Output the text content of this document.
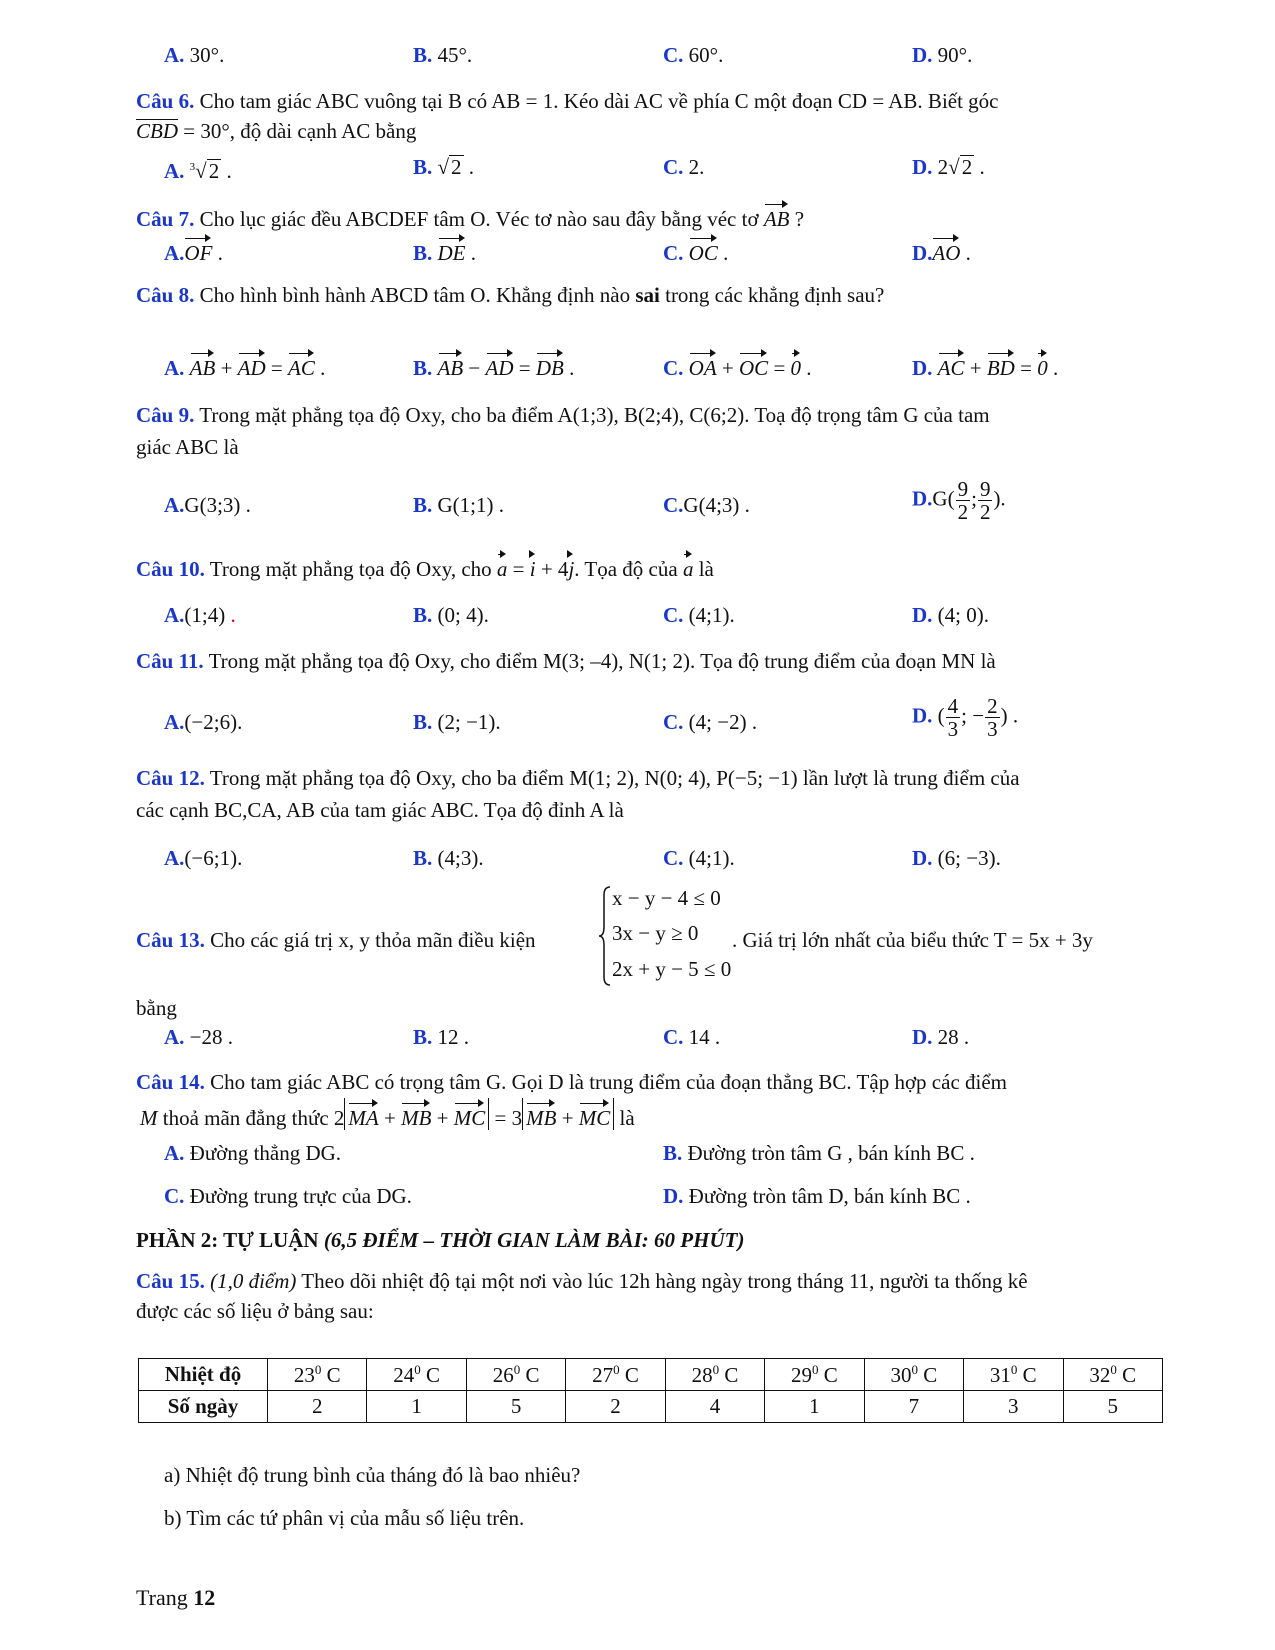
A. 30°.	B. 45°.	C. 60°.	D. 90°.
Câu 6. Cho tam giác ABC vuông tại B có AB = 1. Kéo dài AC về phía C một đoạn CD = AB. Biết góc
CBD = 30°, độ dài cạnh AC bằng
A. $^3$√2 .	B. √2 .	C. 2.	D. 2√2 .
Câu 7. Cho lục giác đều ABCDEF tâm O. Véc tơ nào sau đây bằng véc tơ AB ?
A.OF .	B. DE .	C. OC .	D.AO .
Câu 8. Cho hình bình hành ABCD tâm O. Khẳng định nào sai trong các khẳng định sau?
A. AB + AD = AC .	B. AB − AD = DB .	C. OA + OC = 0 .	D. AC + BD = 0 .
Câu 9. Trong mặt phẳng tọa độ Oxy, cho ba điểm A(1;3), B(2;4), C(6;2). Toạ độ trọng tâm G của tam
giác ABC là
A.G(3;3) .	B. G(1;1) .	C.G(4;3) .	$D.G( \frac{9}{2}$ ; $\frac{9}{2}$ ).
Câu 10. Trong mặt phẳng tọa độ Oxy, cho a = i + 4j. Tọa độ của a là
A.(1;4) .	B. (0; 4).	C. (4;1).	D. (4; 0).
Câu 11. Trong mặt phẳng tọa độ Oxy, cho điểm M(3; –4), N(1; 2). Tọa độ trung điểm của đoạn MN là
A.(−2;6).	B. (2; −1).	C. (4; −2) .	D. ( $\frac{4}{3}$ ; − $\frac{2}{3}$ ) .
Câu 12. Trong mặt phẳng tọa độ Oxy, cho ba điểm M(1; 2), N(0; 4), P(−5; −1) lần lượt là trung điểm của
các cạnh BC,CA, AB của tam giác ABC. Tọa độ đỉnh A là
A.(−6;1).	B. (4;3).	C. (4;1).	D. (6; −3).
Câu 13. Cho các giá trị x, y thỏa mãn điều kiện
x − y − 4 ≤ 0
3x − y ≥ 0
2x + y − 5 ≤ 0
. Giá trị lớn nhất của biểu thức T = 5x + 3y
bằng
A. −28 .	B. 12 .	C. 14 .	D. 28 .
Câu 14. Cho tam giác ABC có trọng tâm G. Gọi D là trung điểm của đoạn thẳng BC. Tập hợp các điểm
M thoả mãn đẳng thức 2 MA + MB + MC = 3 MB + MC là
A. Đường thẳng DG.	B. Đường tròn tâm G , bán kính BC .
C. Đường trung trực của DG.	D. Đường tròn tâm D, bán kính BC .
PHẦN 2: TỰ LUẬN (6,5 ĐIỂM – THỜI GIAN LÀM BÀI: 60 PHÚT)
Câu 15. (1,0 điểm) Theo dõi nhiệt độ tại một nơi vào lúc 12h hàng ngày trong tháng 11, người ta thống kê
được các số liệu ở bảng sau:
Nhiệt độ	$23^0$ C	$24^0$ C	$26^0$ C	$27^0$ C	$28^0$ C	$29^0$ C	$30^0$ C	$31^0$ C	$32^0$ C
Số ngày	2	1	5	2	4	1	7	3	5
a) Nhiệt độ trung bình của tháng đó là bao nhiêu?
b) Tìm các tứ phân vị của mẫu số liệu trên.
Trang 12
